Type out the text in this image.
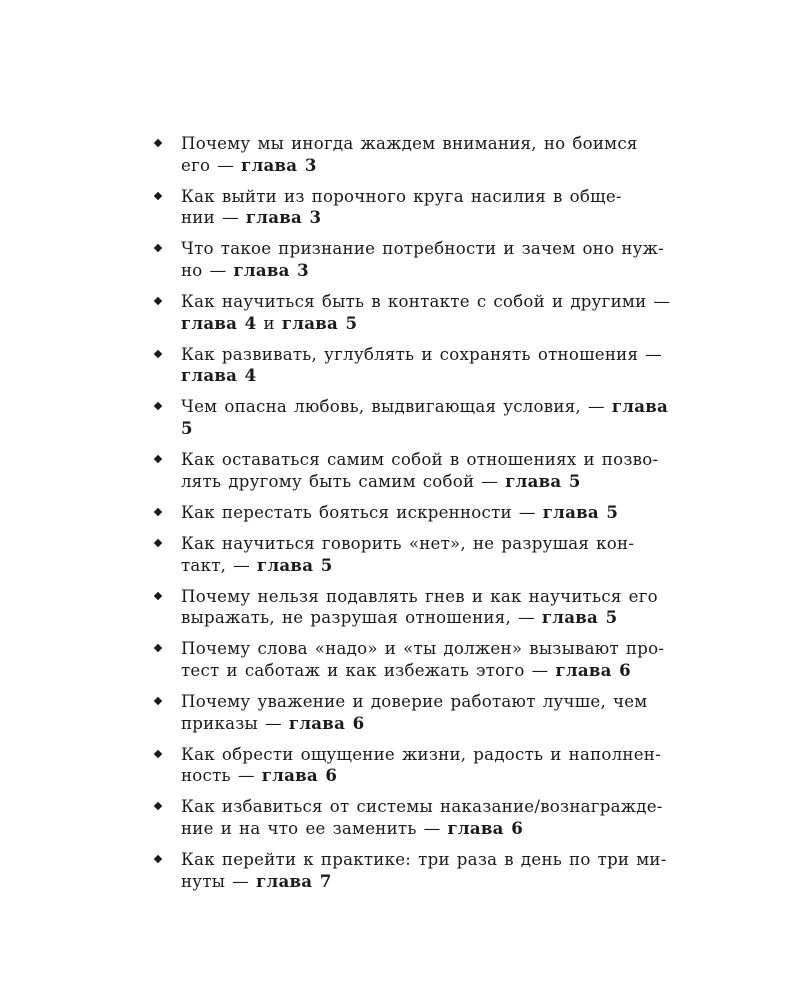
Почему мы иногда жаждем внимания, но боимся
его — глава 3
Как выйти из порочного круга насилия в обще-
нии — глава 3
Что такое признание потребности и зачем оно нуж-
но — глава 3
Как научиться быть в контакте с собой и другими —
глава 4 и глава 5
Как развивать, углублять и сохранять отношения —
глава 4
Чем опасна любовь, выдвигающая условия, — глава
5
Как оставаться самим собой в отношениях и позво-
лять другому быть самим собой — глава 5
Как перестать бояться искренности — глава 5
Как научиться говорить «нет», не разрушая кон-
такт, — глава 5
Почему нельзя подавлять гнев и как научиться его
выражать, не разрушая отношения, — глава 5
Почему слова «надо» и «ты должен» вызывают про-
тест и саботаж и как избежать этого — глава 6
Почему уважение и доверие работают лучше, чем
приказы — глава 6
Как обрести ощущение жизни, радость и наполнен-
ность — глава 6
Как избавиться от системы наказание/вознагражде-
ние и на что ее заменить — глава 6
Как перейти к практике: три раза в день по три ми-
нуты — глава 7
